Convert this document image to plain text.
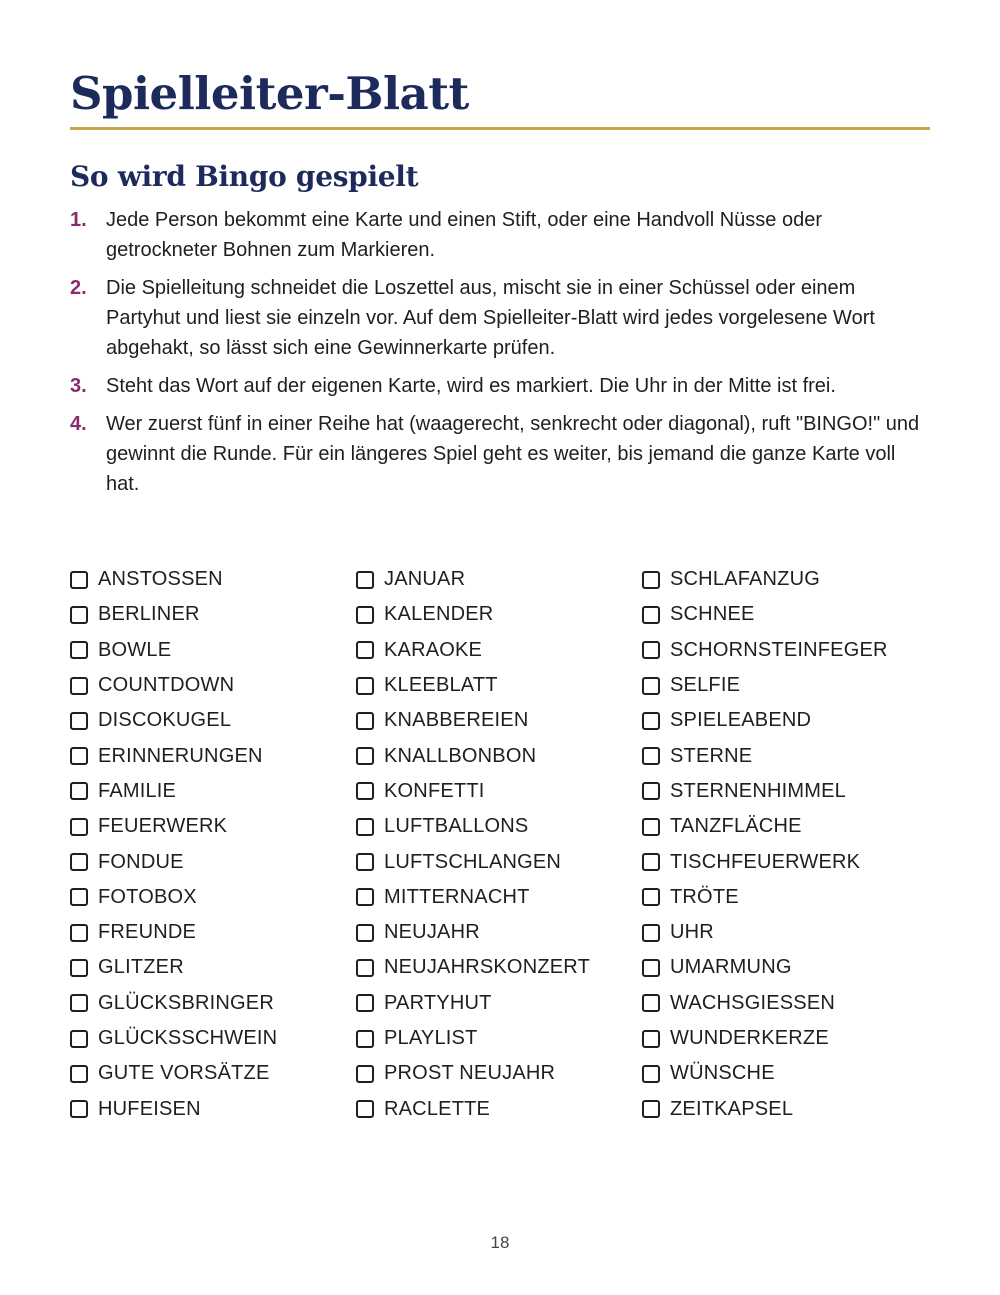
Spielleiter-Blatt
So wird Bingo gespielt
1. Jede Person bekommt eine Karte und einen Stift, oder eine Handvoll Nüsse oder getrockneter Bohnen zum Markieren.
2. Die Spielleitung schneidet die Loszettel aus, mischt sie in einer Schüssel oder einem Partyhut und liest sie einzeln vor. Auf dem Spielleiter-Blatt wird jedes vorgelesene Wort abgehakt, so lässt sich eine Gewinnerkarte prüfen.
3. Steht das Wort auf der eigenen Karte, wird es markiert. Die Uhr in der Mitte ist frei.
4. Wer zuerst fünf in einer Reihe hat (waagerecht, senkrecht oder diagonal), ruft "BINGO!" und gewinnt die Runde. Für ein längeres Spiel geht es weiter, bis jemand die ganze Karte voll hat.
ANSTOSSEN
BERLINER
BOWLE
COUNTDOWN
DISCOKUGEL
ERINNERUNGEN
FAMILIE
FEUERWERK
FONDUE
FOTOBOX
FREUNDE
GLITZER
GLÜCKSBRINGER
GLÜCKSSCHWEIN
GUTE VORSÄTZE
HUFEISEN
JANUAR
KALENDER
KARAOKE
KLEEBLATT
KNABBEREIEN
KNALLBONBON
KONFETTI
LUFTBALLONS
LUFTSCHLANGEN
MITTERNACHT
NEUJAHR
NEUJAHRSKONZERT
PARTYHUT
PLAYLIST
PROST NEUJAHR
RACLETTE
SCHLAFANZUG
SCHNEE
SCHORNSTEINFEGER
SELFIE
SPIELEABEND
STERNE
STERNENHIMMEL
TANZFLÄCHE
TISCHFEUERWERK
TRÖTE
UHR
UMARMUNG
WACHSGIESSEN
WUNDERKERZE
WÜNSCHE
ZEITKAPSEL
18
